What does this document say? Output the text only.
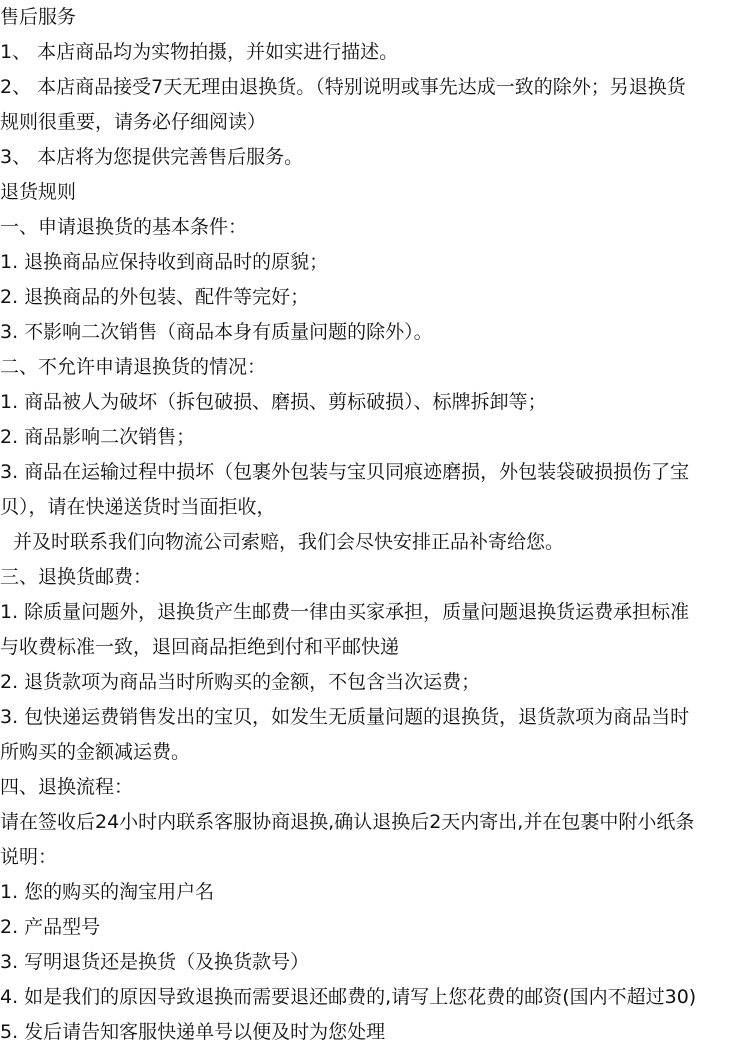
售后服务
1、 本店商品均为实物拍摄，并如实进行描述。
2、 本店商品接受7天无理由退换货。（特别说明或事先达成一致的除外；另退换货
规则很重要，请务必仔细阅读）
3、 本店将为您提供完善售后服务。
退货规则
一、申请退换货的基本条件：
1. 退换商品应保持收到商品时的原貌；
2. 退换商品的外包装、配件等完好；
3. 不影响二次销售（商品本身有质量问题的除外）。
二、不允许申请退换货的情况：
1. 商品被人为破坏（拆包破损、磨损、剪标破损）、标牌拆卸等；
2. 商品影响二次销售；
3. 商品在运输过程中损坏（包裹外包装与宝贝同痕迹磨损，外包装袋破损损伤了宝
贝），请在快递送货时当面拒收，
并及时联系我们向物流公司索赔，我们会尽快安排正品补寄给您。
三、退换货邮费：
1. 除质量问题外，退换货产生邮费一律由买家承担，质量问题退换货运费承担标准
与收费标准一致，退回商品拒绝到付和平邮快递
2. 退货款项为商品当时所购买的金额，不包含当次运费；
3. 包快递运费销售发出的宝贝，如发生无质量问题的退换货，退货款项为商品当时
所购买的金额减运费。
四、退换流程：
请在签收后24小时内联系客服协商退换,确认退换后2天内寄出,并在包裹中附小纸条
说明：
1. 您的购买的淘宝用户名
2. 产品型号
3. 写明退货还是换货（及换货款号）
4. 如是我们的原因导致退换而需要退还邮费的,请写上您花费的邮资(国内不超过30)
5. 发后请告知客服快递单号以便及时为您处理
